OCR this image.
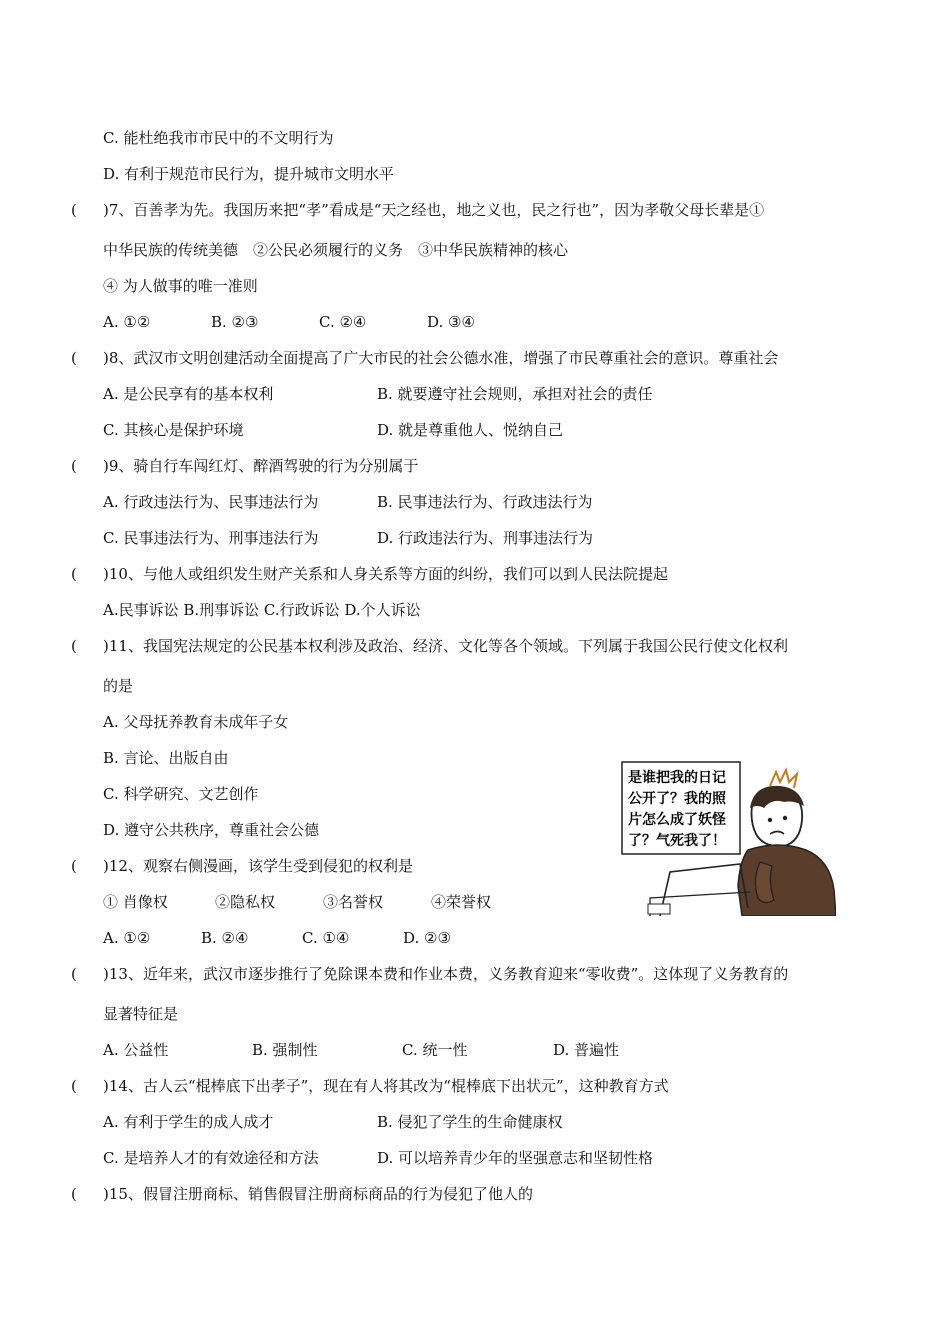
C. 能杜绝我市市民中的不文明行为
D. 有利于规范市民行为，提升城市文明水平
( )7、百善孝为先。我国历来把“孝”看成是“天之经也，地之义也，民之行也”，因为孝敬父母长辈是①
中华民族的传统美德　②公民必须履行的义务　③中华民族精神的核心
④ 为人做事的唯一准则
A. ①②	B. ②③	C. ②④	D. ③④
( )8、武汉市文明创建活动全面提高了广大市民的社会公德水准，增强了市民尊重社会的意识。尊重社会
A. 是公民享有的基本权利	B. 就要遵守社会规则，承担对社会的责任
C. 其核心是保护环境	D. 就是尊重他人、悦纳自己
( )9、骑自行车闯红灯、醉酒驾驶的行为分别属于
A. 行政违法行为、民事违法行为	B. 民事违法行为、行政违法行为
C. 民事违法行为、刑事违法行为	D. 行政违法行为、刑事违法行为
( )10、与他人或组织发生财产关系和人身关系等方面的纠纷，我们可以到人民法院提起
A.民事诉讼 B.刑事诉讼 C.行政诉讼 D.个人诉讼
( )11、我国宪法规定的公民基本权利涉及政治、经济、文化等各个领域。下列属于我国公民行使文化权利
的是
A. 父母抚养教育未成年子女
B. 言论、出版自由
C. 科学研究、文艺创作
D. 遵守公共秩序，尊重社会公德
( )12、观察右侧漫画，该学生受到侵犯的权利是
① 肖像权	②隐私权	③名誉权	④荣誉权
A. ①②	B. ②④	C. ①④	D. ②③
是谁把我的日记
公开了？我的照
片怎么成了妖怪
了？气死我了！
( )13、近年来，武汉市逐步推行了免除课本费和作业本费，义务教育迎来“零收费”。这体现了义务教育的
显著特征是
A. 公益性	B. 强制性	C. 统一性	D. 普遍性
( )14、古人云“棍棒底下出孝子”，现在有人将其改为“棍棒底下出状元”，这种教育方式
A. 有利于学生的成人成才	B. 侵犯了学生的生命健康权
C. 是培养人才的有效途径和方法	D. 可以培养青少年的坚强意志和坚韧性格
( )15、假冒注册商标、销售假冒注册商标商品的行为侵犯了他人的
